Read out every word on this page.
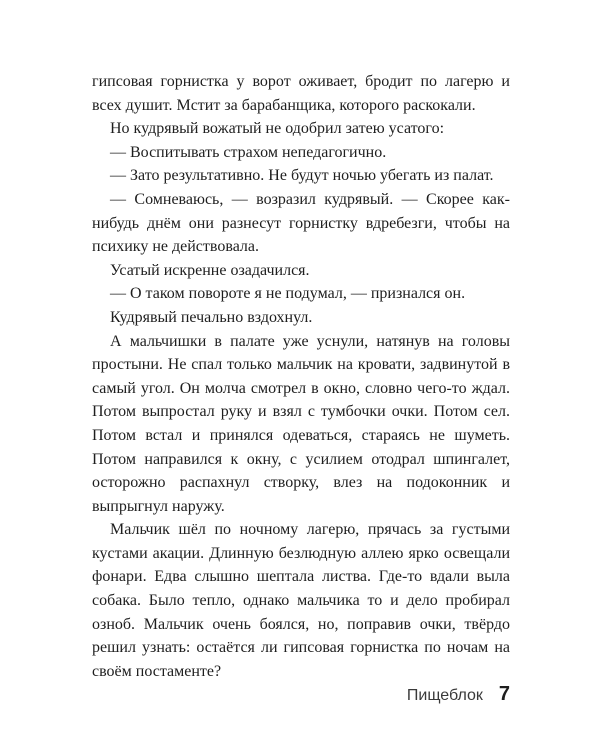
гипсовая горнистка у ворот оживает, бродит по лагерю и всех душит. Мстит за барабанщика, которого раскокали.

Но кудрявый вожатый не одобрил затею усатого:

— Воспитывать страхом непедагогично.

— Зато результативно. Не будут ночью убегать из палат.

— Сомневаюсь, — возразил кудрявый. — Скорее как-нибудь днём они разнесут горнистку вдребезги, чтобы на психику не действовала.

Усатый искренне озадачился.

— О таком повороте я не подумал, — признался он.

Кудрявый печально вздохнул.

А мальчишки в палате уже уснули, натянув на головы простыни. Не спал только мальчик на кровати, задвинутой в самый угол. Он молча смотрел в окно, словно чего-то ждал. Потом выпростал руку и взял с тумбочки очки. Потом сел. Потом встал и принялся одеваться, стараясь не шуметь. Потом направился к окну, с усилием отодрал шпингалет, осторожно распахнул створку, влез на подоконник и выпрыгнул наружу.

Мальчик шёл по ночному лагерю, прячась за густыми кустами акации. Длинную безлюдную аллею ярко освещали фонари. Едва слышно шептала листва. Где-то вдали выла собака. Было тепло, однако мальчика то и дело пробирал озноб. Мальчик очень боялся, но, поправив очки, твёрдо решил узнать: остаётся ли гипсовая горнистка по ночам на своём постаменте?

Пищеблок 7
